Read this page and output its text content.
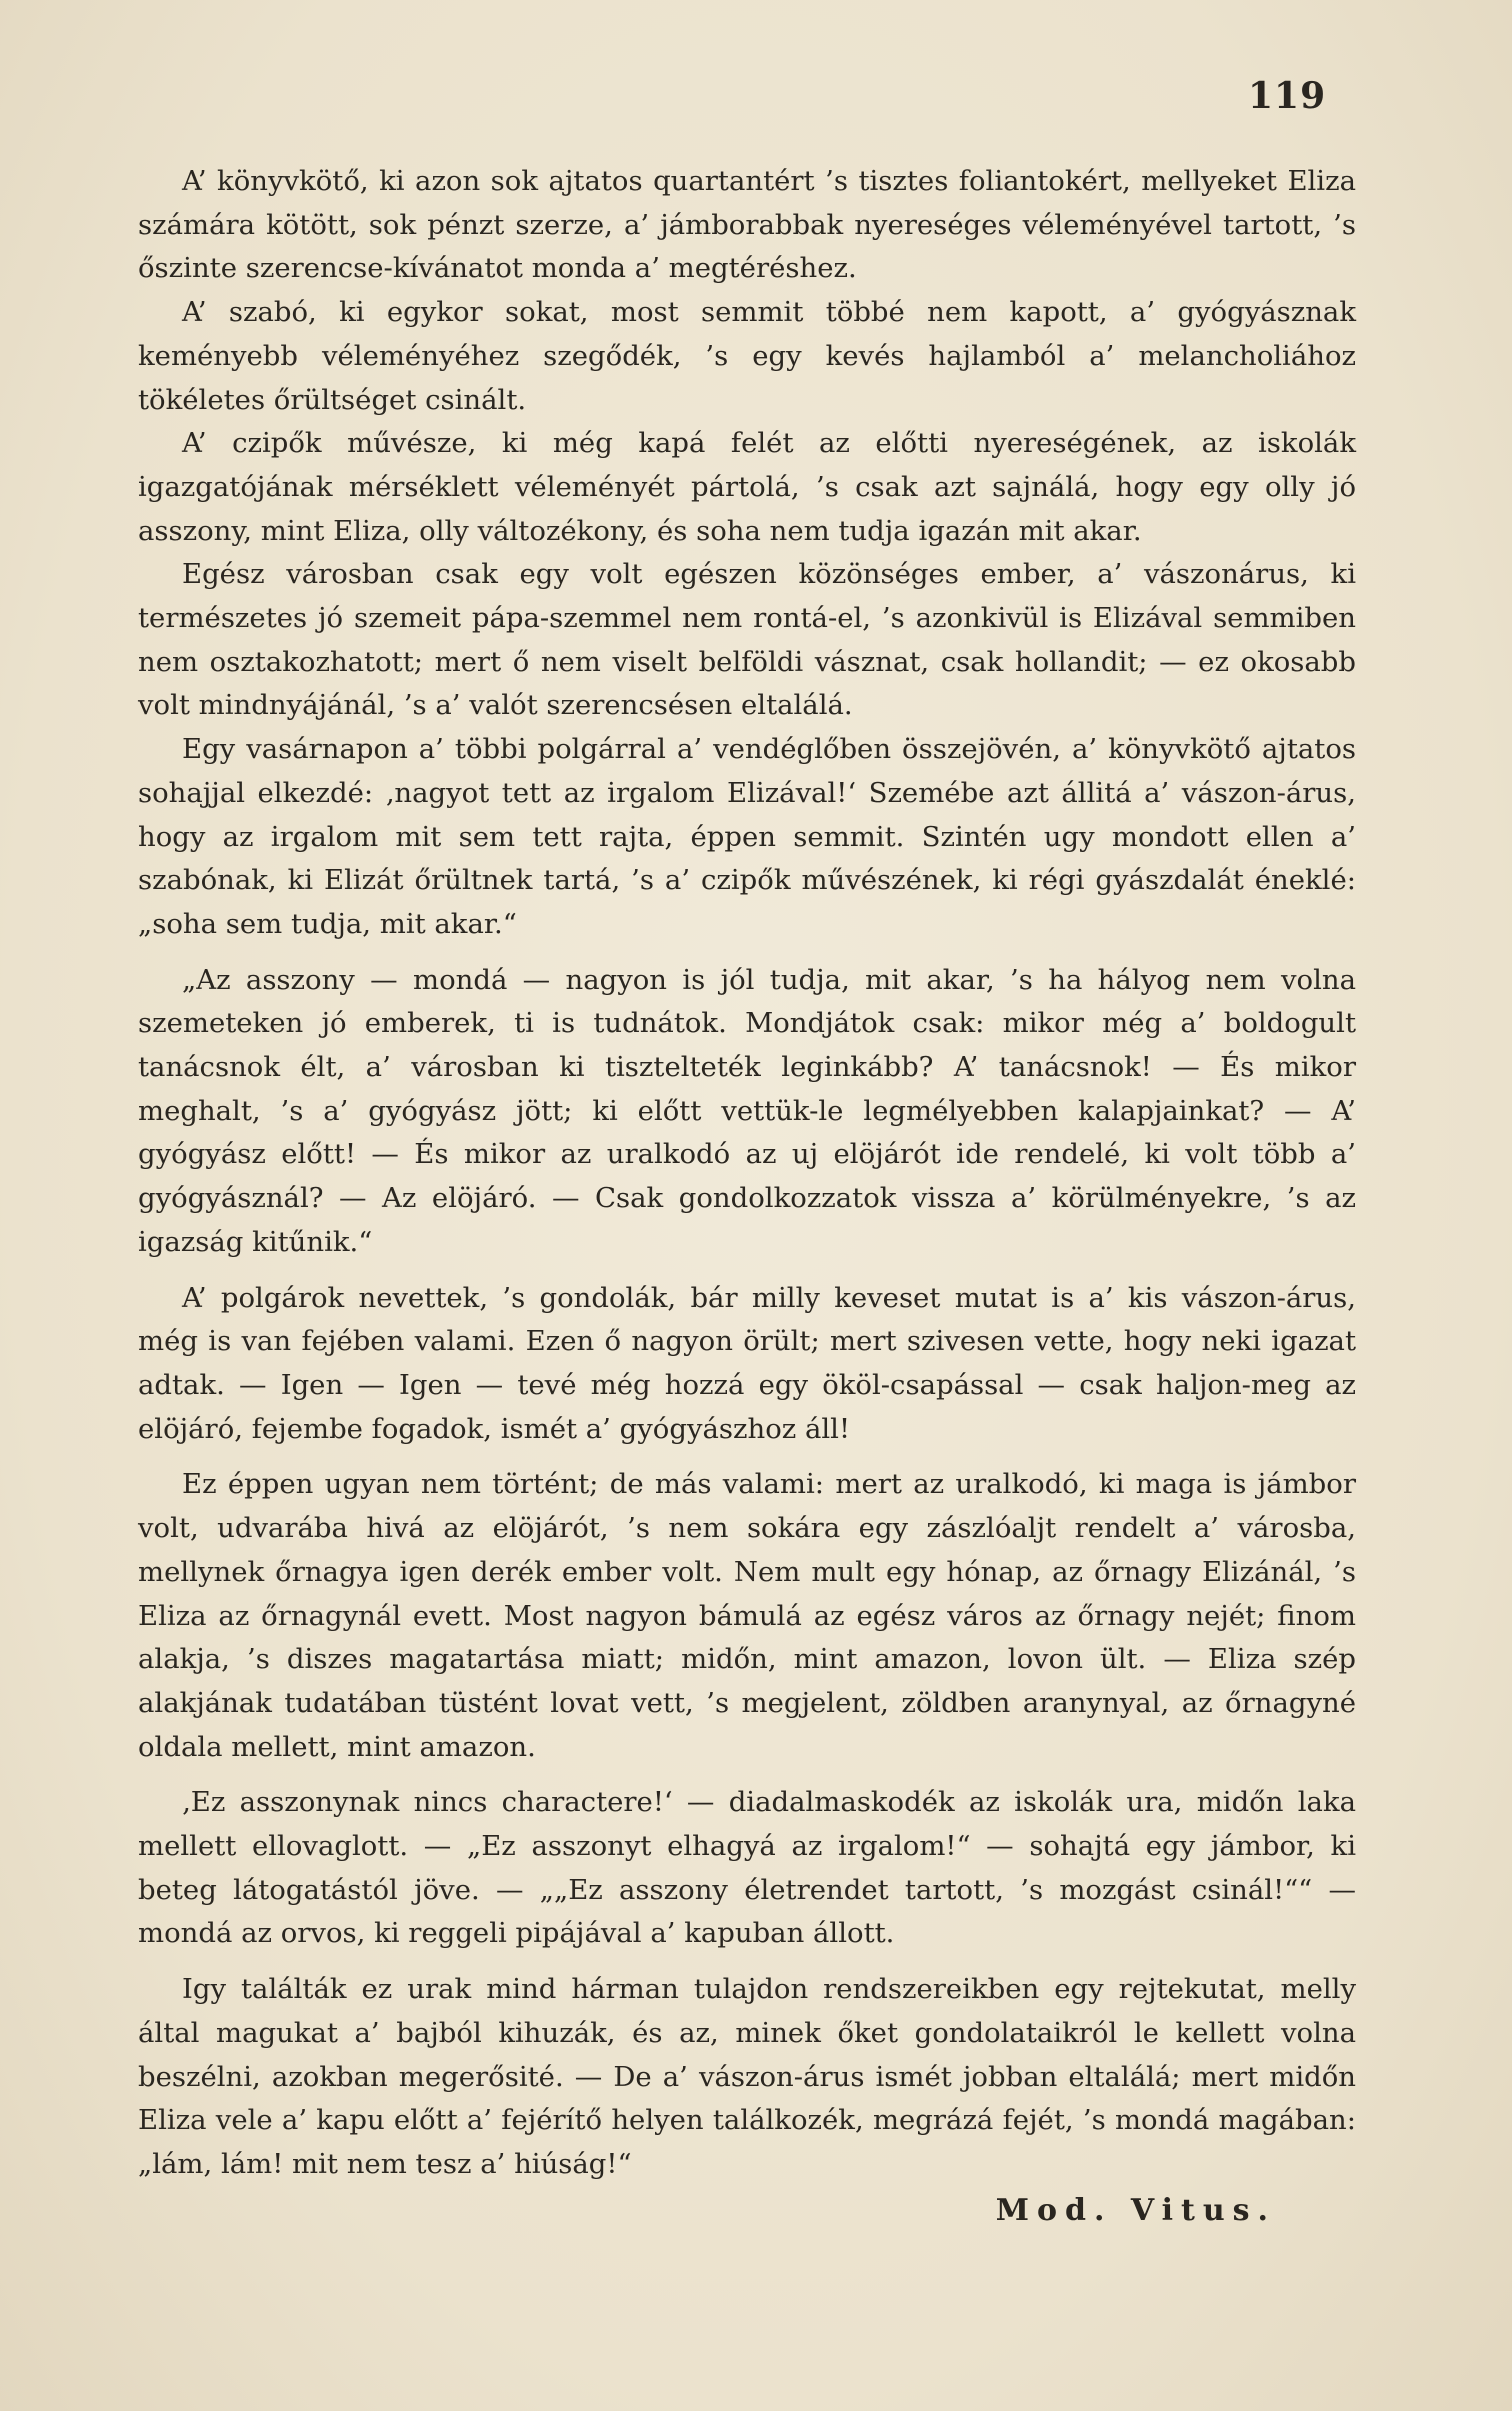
119

A’ könyvkötő, ki azon sok ajtatos quartantért ’s tisztes foliantokért, mellyeket Eliza számára kötött, sok pénzt szerze, a’ jámborabbak nyereséges véleményével tartott, ’s őszinte szerencse-kívánatot monda a’ megtéréshez.

A’ szabó, ki egykor sokat, most semmit többé nem kapott, a’ gyógyásznak keményebb véleményéhez szegődék, ’s egy kevés hajlamból a’ melancholiához tökéletes őrültséget csinált.

A’ czipők művésze, ki még kapá felét az előtti nyereségének, az iskolák igazgatójának mérséklett véleményét pártolá, ’s csak azt sajnálá, hogy egy olly jó asszony, mint Eliza, olly változékony, és soha nem tudja igazán mit akar.

Egész városban csak egy volt egészen közönséges ember, a’ vászonárus, ki természetes jó szemeit pápa-szemmel nem rontá-el, ’s azonkivül is Elizával semmiben nem osztakozhatott; mert ő nem viselt belföldi vásznat, csak hollandit; — ez okosabb volt mindnyájánál, ’s a’ valót szerencsésen eltalálá.

Egy vasárnapon a’ többi polgárral a’ vendéglőben összejövén, a’ könyvkötő ajtatos sohajjal elkezdé: ‚nagyot tett az irgalom Elizával!‘ Szemébe azt állitá a’ vászon-árus, hogy az irgalom mit sem tett rajta, éppen semmit. Szintén ugy mondott ellen a’ szabónak, ki Elizát őrültnek tartá, ’s a’ czipők művészének, ki régi gyászdalát éneklé: „soha sem tudja, mit akar.“

„Az asszony — mondá — nagyon is jól tudja, mit akar, ’s ha hályog nem volna szemeteken jó emberek, ti is tudnátok. Mondjátok csak: mikor még a’ boldogult tanácsnok élt, a’ városban ki tisztelteték leginkább? A’ tanácsnok! — És mikor meghalt, ’s a’ gyógyász jött; ki előtt vettük-le legmélyebben kalapjainkat? — A’ gyógyász előtt! — És mikor az uralkodó az uj elöjárót ide rendelé, ki volt több a’ gyógyásznál? — Az elöjáró. — Csak gondolkozzatok vissza a’ körülményekre, ’s az igazság kitűnik.“

A’ polgárok nevettek, ’s gondolák, bár milly keveset mutat is a’ kis vászon-árus, még is van fejében valami. Ezen ő nagyon örült; mert szivesen vette, hogy neki igazat adtak. — Igen — Igen — tevé még hozzá egy ököl-csapással — csak haljon-meg az elöjáró, fejembe fogadok, ismét a’ gyógyászhoz áll!

Ez éppen ugyan nem történt; de más valami: mert az uralkodó, ki maga is jámbor volt, udvarába hivá az elöjárót, ’s nem sokára egy zászlóaljt rendelt a’ városba, mellynek őrnagya igen derék ember volt. Nem mult egy hónap, az őrnagy Elizánál, ’s Eliza az őrnagynál evett. Most nagyon bámulá az egész város az őrnagy nejét; finom alakja, ’s diszes magatartása miatt; midőn, mint amazon, lovon ült. — Eliza szép alakjának tudatában tüstént lovat vett, ’s megjelent, zöldben aranynyal, az őrnagyné oldala mellett, mint amazon.

‚Ez asszonynak nincs charactere!‘ — diadalmaskodék az iskolák ura, midőn laka mellett ellovaglott. — „Ez asszonyt elhagyá az irgalom!“ — sohajtá egy jámbor, ki beteg látogatástól jöve. — „„Ez asszony életrendet tartott, ’s mozgást csinál!““ — mondá az orvos, ki reggeli pipájával a’ kapuban állott.

Igy találták ez urak mind hárman tulajdon rendszereikben egy rejtekutat, melly által magukat a’ bajból kihuzák, és az, minek őket gondolataikról le kellett volna beszélni, azokban megerősité. — De a’ vászon-árus ismét jobban eltalálá; mert midőn Eliza vele a’ kapu előtt a’ fejérítő helyen találkozék, megrázá fejét, ’s mondá magában: „lám, lám! mit nem tesz a’ hiúság!“

Mod. Vitus.
